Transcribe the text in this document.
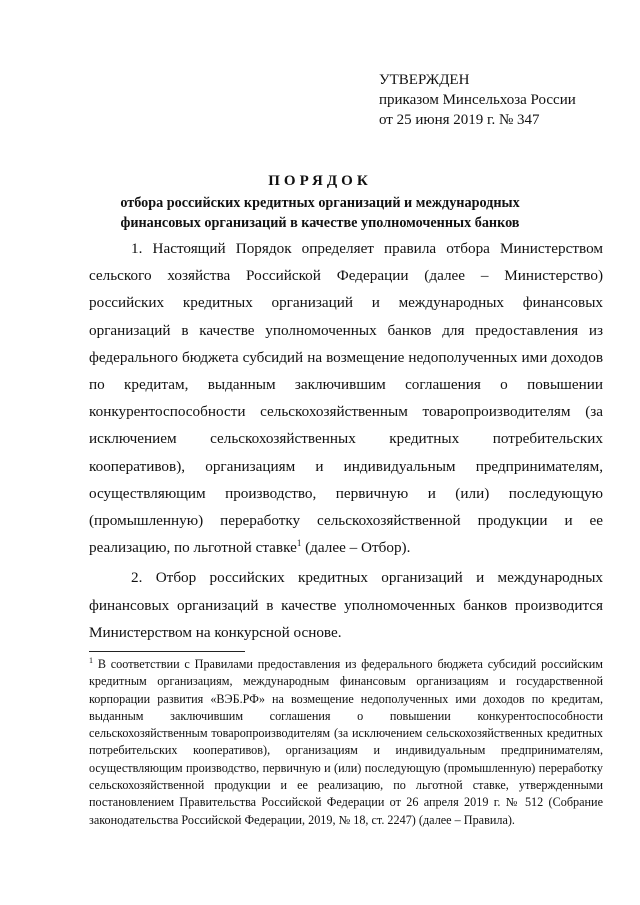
УТВЕРЖДЕН
приказом Минсельхоза России
от 25 июня 2019 г. № 347
ПОРЯДОК
отбора российских кредитных организаций и международных
финансовых организаций в качестве уполномоченных банков

1. Настоящий Порядок определяет правила отбора Министерством сельского хозяйства Российской Федерации (далее – Министерство) российских кредитных организаций и международных финансовых организаций в качестве уполномоченных банков для предоставления из федерального бюджета субсидий на возмещение недополученных ими доходов по кредитам, выданным заключившим соглашения о повышении конкурентоспособности сельскохозяйственным товаропроизводителям (за исключением сельскохозяйственных кредитных потребительских кооперативов), организациям и индивидуальным предпринимателям, осуществляющим производство, первичную и (или) последующую (промышленную) переработку сельскохозяйственной продукции и ее реализацию, по льготной ставке$^1$ (далее – Отбор).

2. Отбор российских кредитных организаций и международных финансовых организаций в качестве уполномоченных банков производится Министерством на конкурсной основе.

$^1$ В соответствии с Правилами предоставления из федерального бюджета субсидий российским кредитным организациям, международным финансовым организациям и государственной корпорации развития «ВЭБ.РФ» на возмещение недополученных ими доходов по кредитам, выданным заключившим соглашения о повышении конкурентоспособности сельскохозяйственным товаропроизводителям (за исключением сельскохозяйственных кредитных потребительских кооперативов), организациям и индивидуальным предпринимателям, осуществляющим производство, первичную и (или) последующую (промышленную) переработку сельскохозяйственной продукции и ее реализацию, по льготной ставке, утвержденными постановлением Правительства Российской Федерации от 26 апреля 2019 г. № 512 (Собрание законодательства Российской Федерации, 2019, № 18, ст. 2247) (далее – Правила).
